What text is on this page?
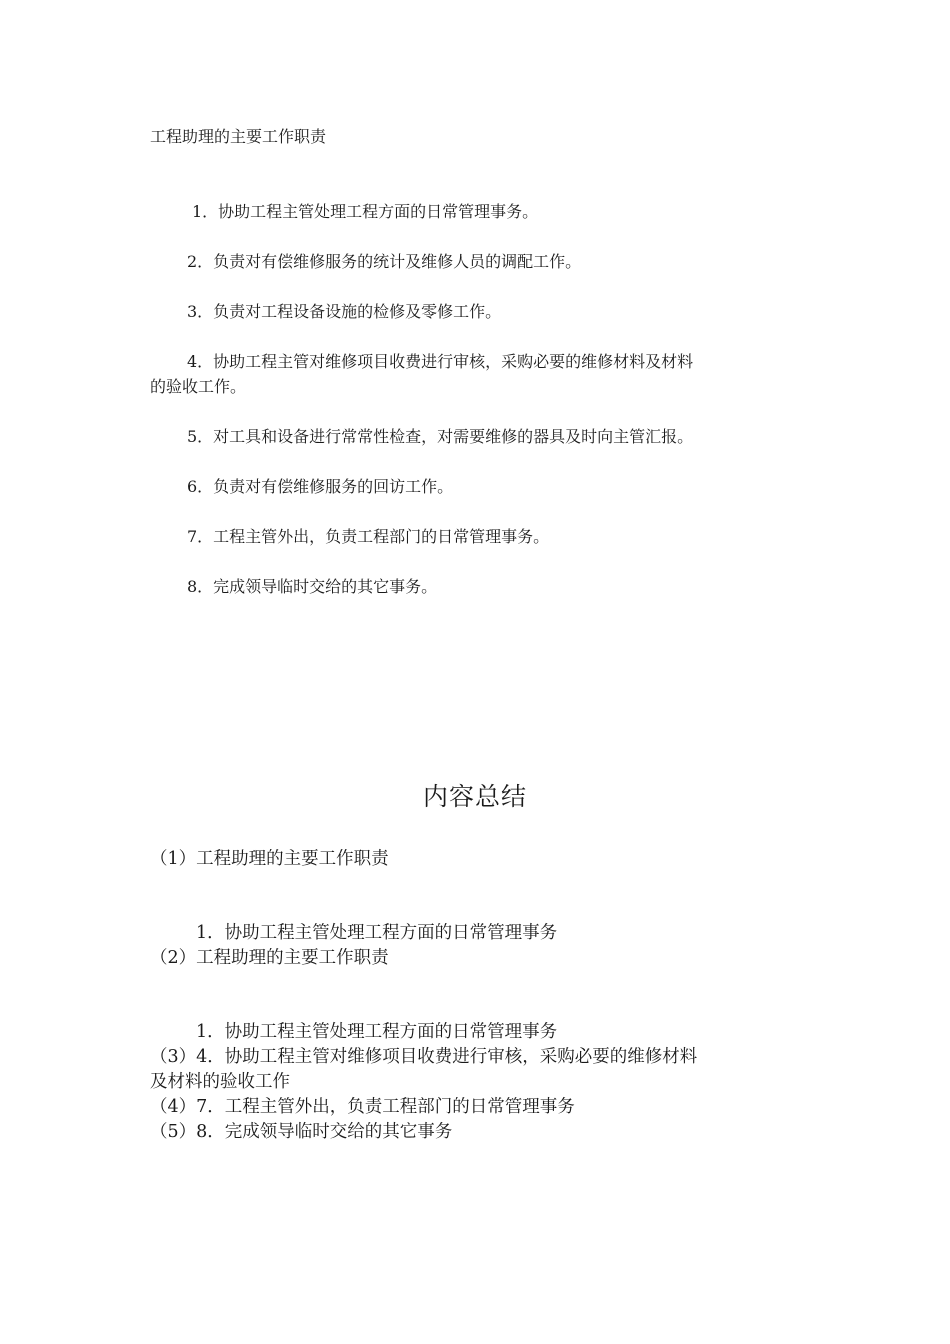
工程助理的主要工作职责
1．协助工程主管处理工程方面的日常管理事务。
2．负责对有偿维修服务的统计及维修人员的调配工作。
3．负责对工程设备设施的检修及零修工作。
4．协助工程主管对维修项目收费进行审核，采购必要的维修材料及材料
的验收工作。
5．对工具和设备进行常常性检查，对需要维修的器具及时向主管汇报。
6．负责对有偿维修服务的回访工作。
7．工程主管外出，负责工程部门的日常管理事务。
8．完成领导临时交给的其它事务。
内容总结
（1）工程助理的主要工作职责
1．协助工程主管处理工程方面的日常管理事务
（2）工程助理的主要工作职责
1．协助工程主管处理工程方面的日常管理事务
（3）4．协助工程主管对维修项目收费进行审核，采购必要的维修材料
及材料的验收工作
（4）7．工程主管外出，负责工程部门的日常管理事务
（5）8．完成领导临时交给的其它事务
